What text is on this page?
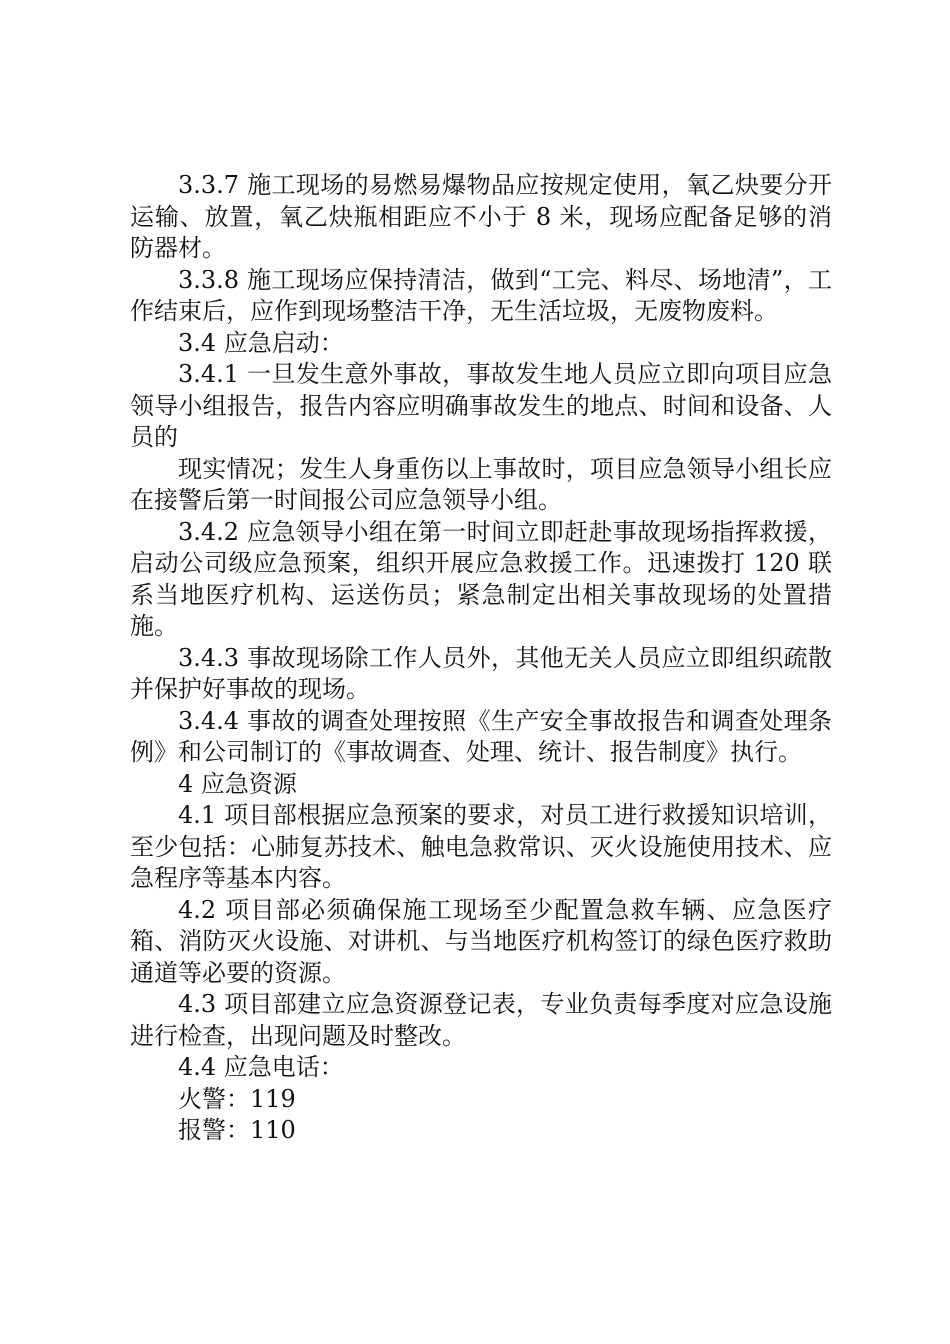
3.3.7 施工现场的易燃易爆物品应按规定使用，氧乙炔要分开运输、放置，氧乙炔瓶相距应不小于 8 米，现场应配备足够的消防器材。

3.3.8 施工现场应保持清洁，做到“工完、料尽、场地清”，工作结束后，应作到现场整洁干净，无生活垃圾，无废物废料。

3.4 应急启动：

3.4.1 一旦发生意外事故，事故发生地人员应立即向项目应急领导小组报告，报告内容应明确事故发生的地点、时间和设备、人员的

现实情况；发生人身重伤以上事故时，项目应急领导小组长应在接警后第一时间报公司应急领导小组。

3.4.2 应急领导小组在第一时间立即赶赴事故现场指挥救援，启动公司级应急预案，组织开展应急救援工作。迅速拨打 120 联系当地医疗机构、运送伤员；紧急制定出相关事故现场的处置措施。

3.4.3 事故现场除工作人员外，其他无关人员应立即组织疏散并保护好事故的现场。

3.4.4 事故的调查处理按照《生产安全事故报告和调查处理条例》和公司制订的《事故调查、处理、统计、报告制度》执行。

4 应急资源

4.1 项目部根据应急预案的要求，对员工进行救援知识培训，至少包括：心肺复苏技术、触电急救常识、灭火设施使用技术、应急程序等基本内容。

4.2 项目部必须确保施工现场至少配置急救车辆、应急医疗箱、消防灭火设施、对讲机、与当地医疗机构签订的绿色医疗救助通道等必要的资源。

4.3 项目部建立应急资源登记表，专业负责每季度对应急设施进行检查，出现问题及时整改。

4.4 应急电话：

火警：119

报警：110
